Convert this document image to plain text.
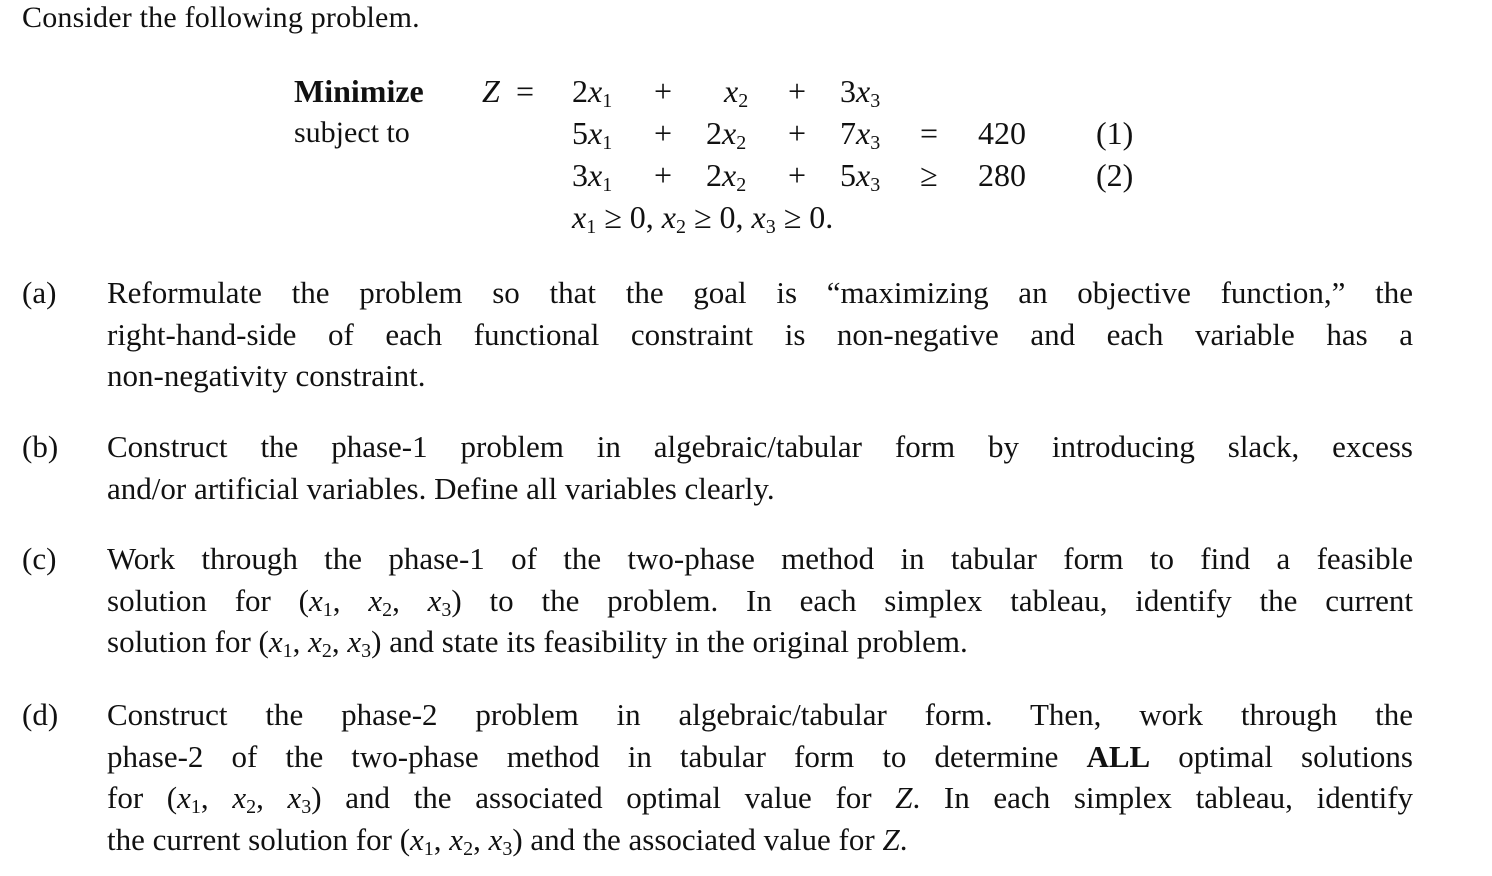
Consider the following problem.
Minimize $Z = 2x_1 + x_2 + 3x_3$
subject to	$5x_1 + 2x_2 + 7x_3 = 420$ (1)
$3x_1 + 2x_2 + 5x_3 \ge 280$ (2)
$x_1 \ge 0$, $x_2 \ge 0$, $x_3 \ge 0$.
(a) Reformulate the problem so that the goal is “maximizing an objective function,” the
right-hand-side of each functional constraint is non-negative and each variable has a
non-negativity constraint.
(b) Construct the phase-1 problem in algebraic/tabular form by introducing slack, excess
and/or artificial variables. Define all variables clearly.
(c) Work through the phase-1 of the two-phase method in tabular form to find a feasible
solution for ($x_1$, $x_2$, $x_3$) to the problem. In each simplex tableau, identify the current
solution for ($x_1$, $x_2$, $x_3$) and state its feasibility in the original problem.
(d) Construct the phase-2 problem in algebraic/tabular form. Then, work through the
phase-2 of the two-phase method in tabular form to determine ALL optimal solutions
for ($x_1$, $x_2$, $x_3$) and the associated optimal value for Z. In each simplex tableau, identify
the current solution for ($x_1$, $x_2$, $x_3$) and the associated value for Z.
